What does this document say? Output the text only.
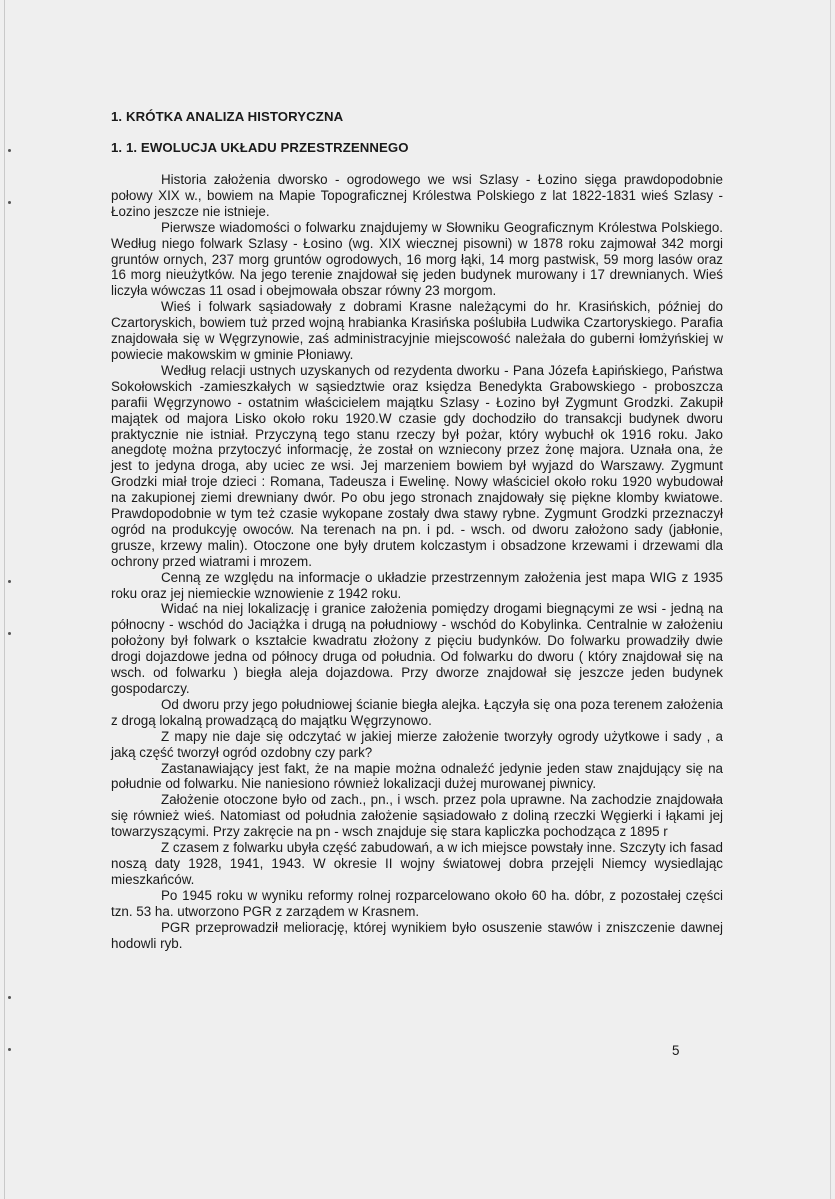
1. KRÓTKA ANALIZA HISTORYCZNA
1. 1. EWOLUCJA UKŁADU PRZESTRZENNEGO

Historia założenia dworsko - ogrodowego we wsi Szlasy - Łozino sięga prawdopodobnie połowy XIX w., bowiem na Mapie Topograficznej Królestwa Polskiego z lat 1822-1831 wieś Szlasy - Łozino jeszcze nie istnieje.

Pierwsze wiadomości o folwarku znajdujemy w Słowniku Geograficznym Królestwa Polskiego. Według niego folwark Szlasy - Łosino (wg. XIX wiecznej pisowni) w 1878 roku zajmował 342 morgi gruntów ornych, 237 morg gruntów ogrodowych, 16 morg łąki, 14 morg pastwisk, 59 morg lasów oraz 16 morg nieużytków. Na jego terenie znajdował się jeden budynek murowany i 17 drewnianych. Wieś liczyła wówczas 11 osad i obejmowała obszar równy 23 morgom.

Wieś i folwark sąsiadowały z dobrami Krasne należącymi do hr. Krasińskich, później do Czartoryskich, bowiem tuż przed wojną hrabianka Krasińska poślubiła Ludwika Czartoryskiego. Parafia znajdowała się w Węgrzynowie, zaś administracyjnie miejscowość należała do guberni łomżyńskiej w powiecie makowskim w gminie Płoniawy.

Według relacji ustnych uzyskanych od rezydenta dworku - Pana Józefa Łapińskiego, Państwa Sokołowskich -zamieszkałych w sąsiedztwie oraz księdza Benedykta Grabowskiego - proboszcza parafii Węgrzynowo - ostatnim właścicielem majątku Szlasy - Łozino był Zygmunt Grodzki. Zakupił majątek od majora Lisko około roku 1920.W czasie gdy dochodziło do transakcji budynek dworu praktycznie nie istniał. Przyczyną tego stanu rzeczy był pożar, który wybuchł ok 1916 roku. Jako anegdotę można przytoczyć informację, że został on wzniecony przez żonę majora. Uznała ona, że jest to jedyna droga, aby uciec ze wsi. Jej marzeniem bowiem był wyjazd do Warszawy. Zygmunt Grodzki miał troje dzieci : Romana, Tadeusza i Ewelinę. Nowy właściciel około roku 1920 wybudował na zakupionej ziemi drewniany dwór. Po obu jego stronach znajdowały się piękne klomby kwiatowe. Prawdopodobnie w tym też czasie wykopane zostały dwa stawy rybne. Zygmunt Grodzki przeznaczył ogród na produkcyję owoców. Na terenach na pn. i pd. - wsch. od dworu założono sady (jabłonie, grusze, krzewy malin). Otoczone one były drutem kolczastym i obsadzone krzewami i drzewami dla ochrony przed wiatrami i mrozem.

Cenną ze względu na informacje o układzie przestrzennym założenia jest mapa WIG z 1935 roku oraz jej niemieckie wznowienie z 1942 roku.

Widać na niej lokalizację i granice założenia pomiędzy drogami biegnącymi ze wsi - jedną na północny - wschód do Jaciążka i drugą na południowy - wschód do Kobylinka. Centralnie w założeniu położony był folwark o kształcie kwadratu złożony z pięciu budynków. Do folwarku prowadziły dwie drogi dojazdowe jedna od północy druga od południa. Od folwarku do dworu ( który znajdował się na wsch. od folwarku ) biegła aleja dojazdowa. Przy dworze znajdował się jeszcze jeden budynek gospodarczy.

Od dworu przy jego południowej ścianie biegła alejka. Łączyła się ona poza terenem założenia z drogą lokalną prowadzącą do majątku Węgrzynowo.

Z mapy nie daje się odczytać w jakiej mierze założenie tworzyły ogrody użytkowe i sady , a jaką część tworzył ogród ozdobny czy park?

Zastanawiający jest fakt, że na mapie można odnaleźć jedynie jeden staw znajdujący się na południe od folwarku. Nie naniesiono również lokalizacji dużej murowanej piwnicy.

Założenie otoczone było od zach., pn., i wsch. przez pola uprawne. Na zachodzie znajdowała się również wieś. Natomiast od południa założenie sąsiadowało z doliną rzeczki Węgierki i łąkami jej towarzyszącymi. Przy zakręcie na pn - wsch znajduje się stara kapliczka pochodząca z 1895 r

Z czasem z folwarku ubyła część zabudowań, a w ich miejsce powstały inne. Szczyty ich fasad noszą daty 1928, 1941, 1943. W okresie II wojny światowej dobra przejęli Niemcy wysiedlając mieszkańców.

Po 1945 roku w wyniku reformy rolnej rozparcelowano około 60 ha. dóbr, z pozostałej części tzn. 53 ha. utworzono PGR z zarządem w Krasnem.

PGR przeprowadził meliorację, której wynikiem było osuszenie stawów i zniszczenie dawnej hodowli ryb.

5
